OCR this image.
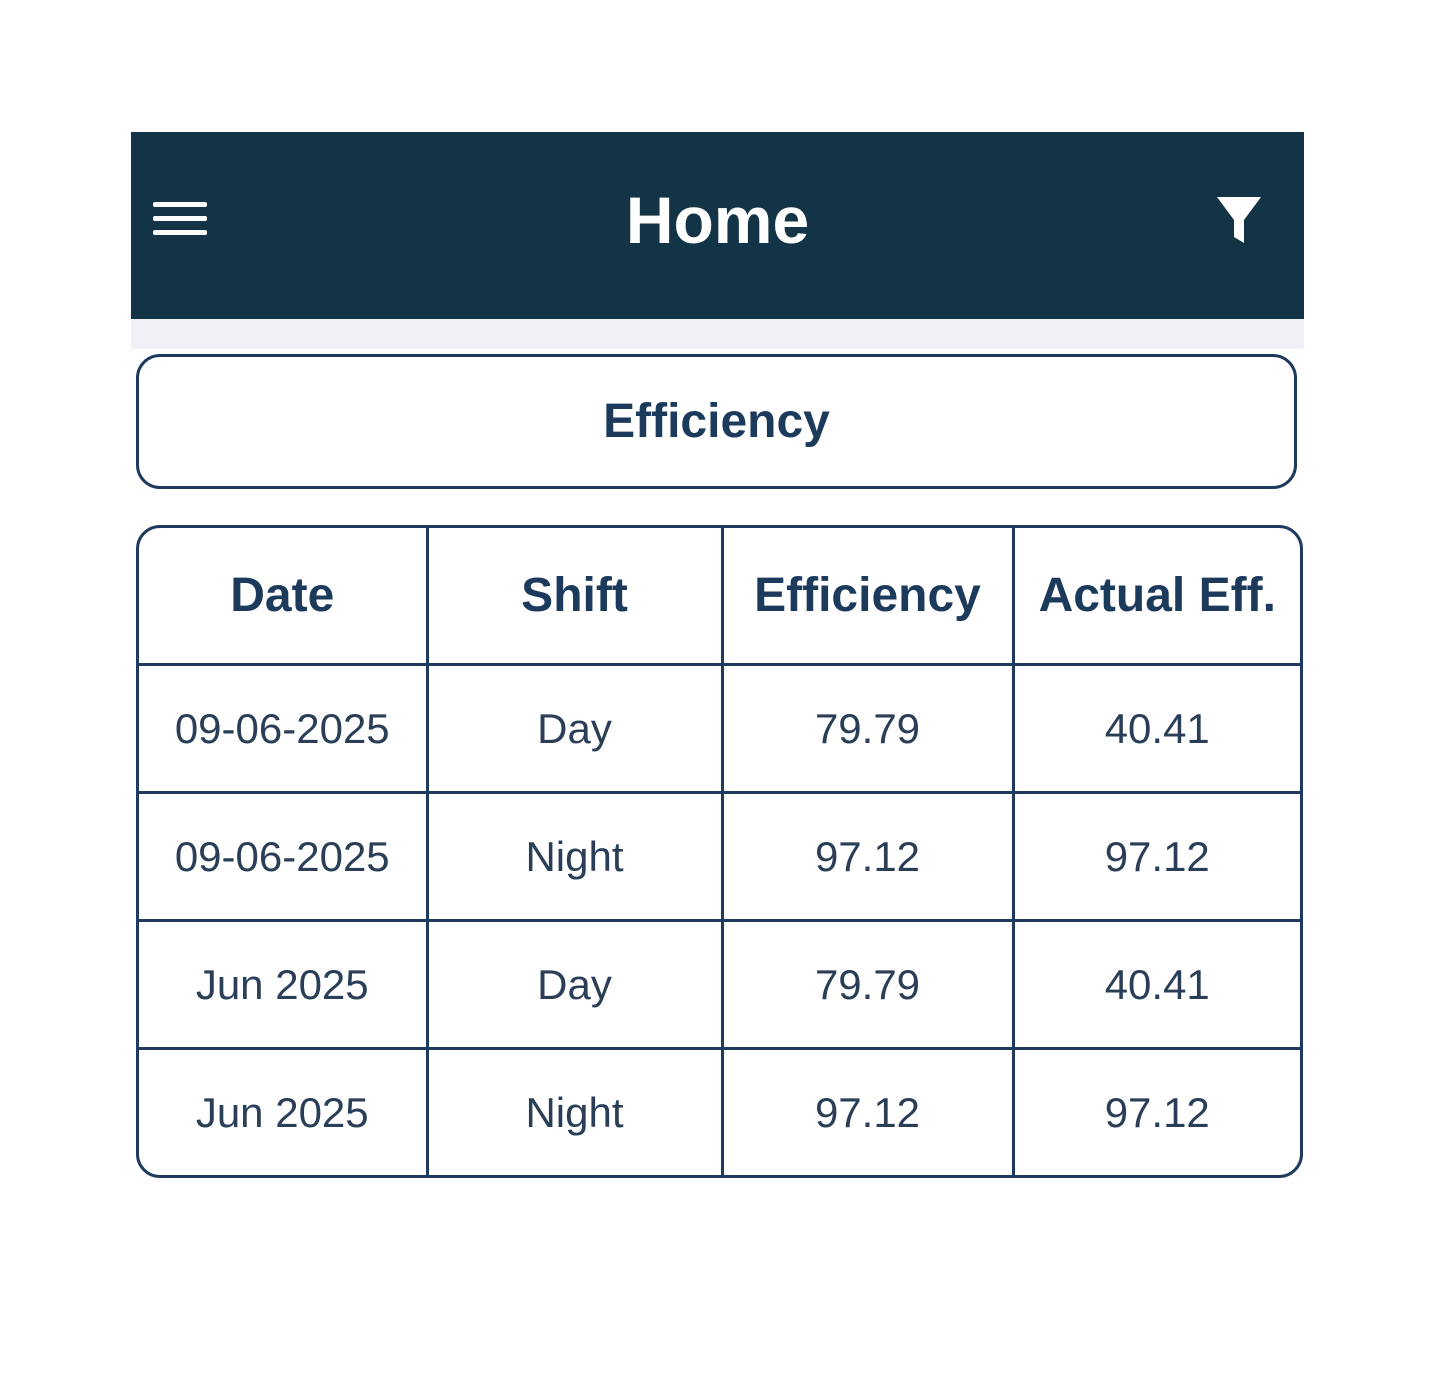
Home
Efficiency
Date	Shift	Efficiency	Actual Eff.
09-06-2025	Day	79.79	40.41
09-06-2025	Night	97.12	97.12
Jun 2025	Day	79.79	40.41
Jun 2025	Night	97.12	97.12
